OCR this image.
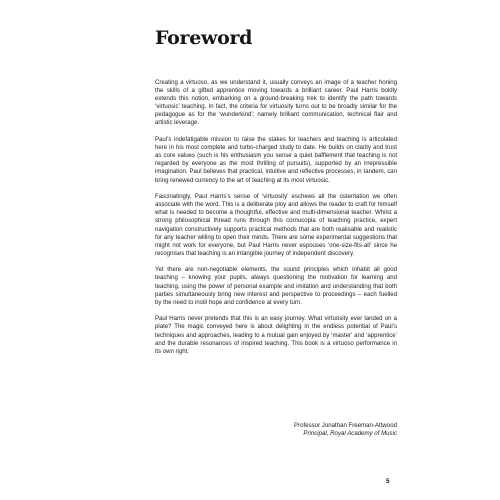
Foreword

Creating a virtuoso, as we understand it, usually conveys an image of a teacher honing the skills of a gifted apprentice moving towards a brilliant career. Paul Harris boldly extends this notion, embarking on a ground-breaking trek to identify the path towards ‘virtuosic’ teaching. In fact, the criteria for virtuosity turns out to be broadly similar for the pedagogue as for the ‘wunderkind’; namely brilliant communication, technical flair and artistic leverage.

Paul’s indefatigable mission to raise the stakes for teachers and teaching is articulated here in his most complete and turbo-charged study to date. He builds on clarity and trust as core values (such is his enthusiasm you sense a quiet bafflement that teaching is not regarded by everyone as the most thrilling of pursuits), supported by an irrepressible imagination. Paul believes that practical, intuitive and reflective processes, in tandem, can bring renewed currency to the art of teaching at its most virtuosic.

Fascinatingly, Paul Harris’s sense of ‘virtuosity’ eschews all the ostentation we often associate with the word. This is a deliberate ploy and allows the reader to craft for himself what is needed to become a thoughtful, effective and multi-dimensional teacher. Whilst a strong philosophical thread runs through this cornucopia of teaching practice, expert navigation constructively supports practical methods that are both realisable and realistic for any teacher willing to open their minds. There are some experimental suggestions that might not work for everyone, but Paul Harris never espouses ‘one-size-fits-all’ since he recognises that teaching is an intangible journey of independent discovery.

Yet there are non-negotiable elements, the sound principles which inhabit all good teaching – knowing your pupils, always questioning the motivation for learning and teaching, using the power of personal example and imitation and understanding that both parties simultaneously bring new interest and perspective to proceedings – each fuelled by the need to instil hope and confidence at every turn.

Paul Harris never pretends that this is an easy journey. What virtuosity ever landed on a plate? The magic conveyed here is about delighting in the endless potential of Paul’s techniques and approaches, leading to a mutual gain enjoyed by ‘master’ and ‘apprentice’ and the durable resonances of inspired teaching. This book is a virtuoso performance in its own right.

Professor Jonathan Freeman-Attwood
Principal, Royal Academy of Music
5
